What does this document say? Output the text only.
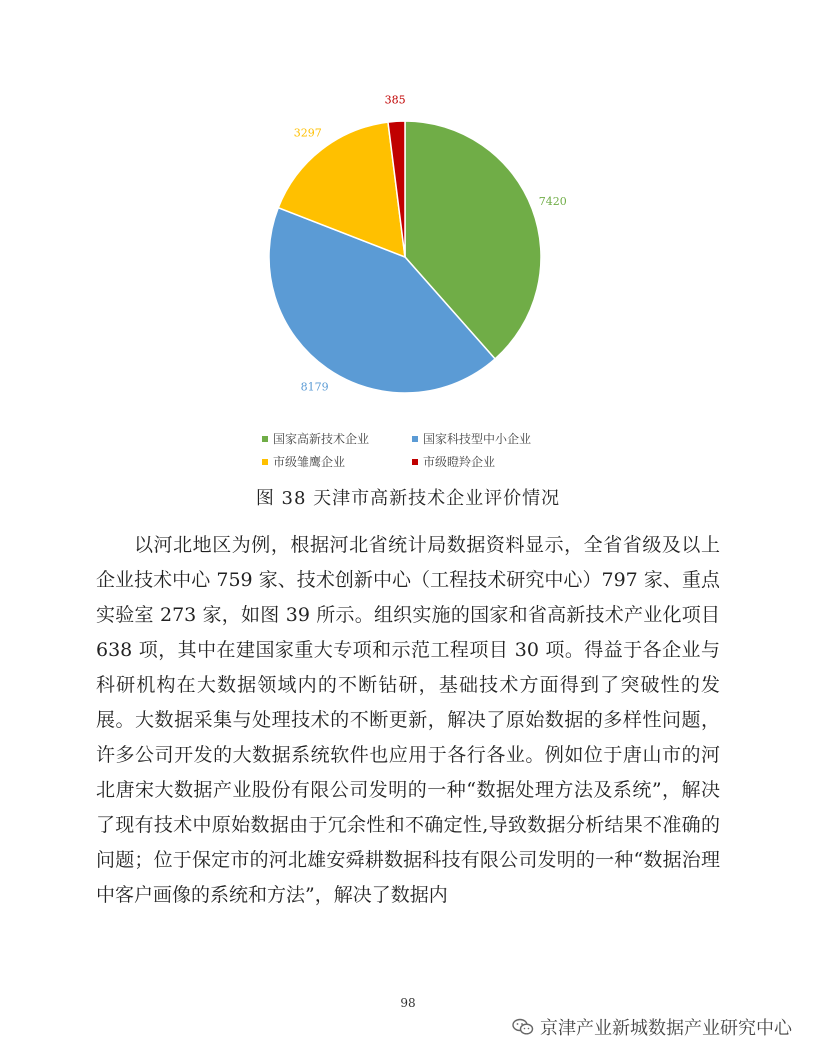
7420
8179
3297
385
国家高新技术企业	国家科技型中小企业
市级雏鹰企业	市级瞪羚企业
图 38 天津市高新技术企业评价情况

以河北地区为例，根据河北省统计局数据资料显示，全省省级及以上企业技术中心 759 家、技术创新中心（工程技术研究中心）797 家、重点实验室 273 家，如图 39 所示。组织实施的国家和省高新技术产业化项目 638 项，其中在建国家重大专项和示范工程项目 30 项。得益于各企业与科研机构在大数据领域内的不断钻研，基础技术方面得到了突破性的发展。大数据采集与处理技术的不断更新，解决了原始数据的多样性问题，许多公司开发的大数据系统软件也应用于各行各业。例如位于唐山市的河北唐宋大数据产业股份有限公司发明的一种“数据处理方法及系统”，解决了现有技术中原始数据由于冗余性和不确定性,导致数据分析结果不准确的问题；位于保定市的河北雄安舜耕数据科技有限公司发明的一种“数据治理中客户画像的系统和方法”，解决了数据内

98
京津产业新城数据产业研究中心
